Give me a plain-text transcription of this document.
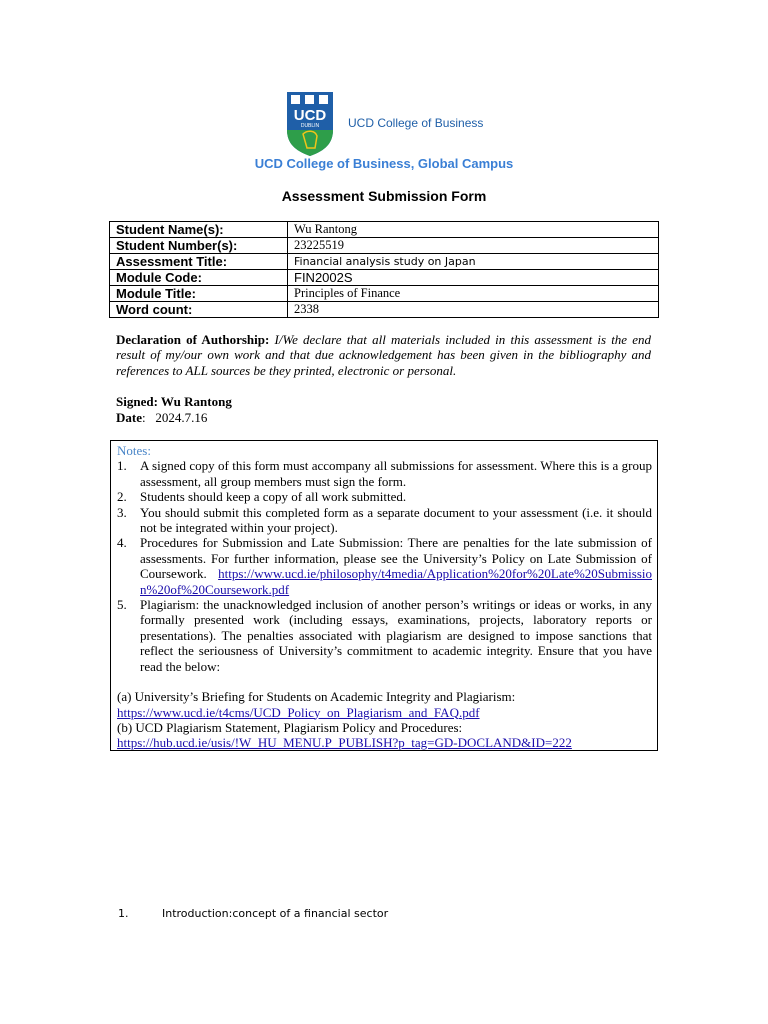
UCD
DUBLIN UCD College of Business
UCD College of Business, Global Campus
Assessment Submission Form
Student Name(s):	Wu Rantong
Student Number(s):	23225519
Assessment Title:	Financial analysis study on Japan
Module Code:	FIN2002S
Module Title:	Principles of Finance
Word count:	2338
Declaration of Authorship: I/We declare that all materials included in this assessment is the end result of my/our own work and that due acknowledgement has been given in the bibliography and references to ALL sources be they printed, electronic or personal.
Signed: Wu Rantong
Date:   2024.7.16
Notes:
1. A signed copy of this form must accompany all submissions for assessment. Where this is a group assessment, all group members must sign the form.
2. Students should keep a copy of all work submitted.
3. You should submit this completed form as a separate document to your assessment (i.e. it should not be integrated within your project).
4. Procedures for Submission and Late Submission: There are penalties for the late submission of assessments. For further information, please see the University’s Policy on Late Submission of Coursework. https://www.ucd.ie/philosophy/t4media/Application%20for%20Late%20Submission%20of%20Coursework.pdf
5. Plagiarism: the unacknowledged inclusion of another person’s writings or ideas or works, in any formally presented work (including essays, examinations, projects, laboratory reports or presentations). The penalties associated with plagiarism are designed to impose sanctions that reflect the seriousness of University’s commitment to academic integrity. Ensure that you have read the below:
(a) University’s Briefing for Students on Academic Integrity and Plagiarism:
https://www.ucd.ie/t4cms/UCD_Policy_on_Plagiarism_and_FAQ.pdf
(b) UCD Plagiarism Statement, Plagiarism Policy and Procedures:
https://hub.ucd.ie/usis/!W_HU_MENU.P_PUBLISH?p_tag=GD-DOCLAND&ID=222
1.	Introduction:concept of a financial sector
